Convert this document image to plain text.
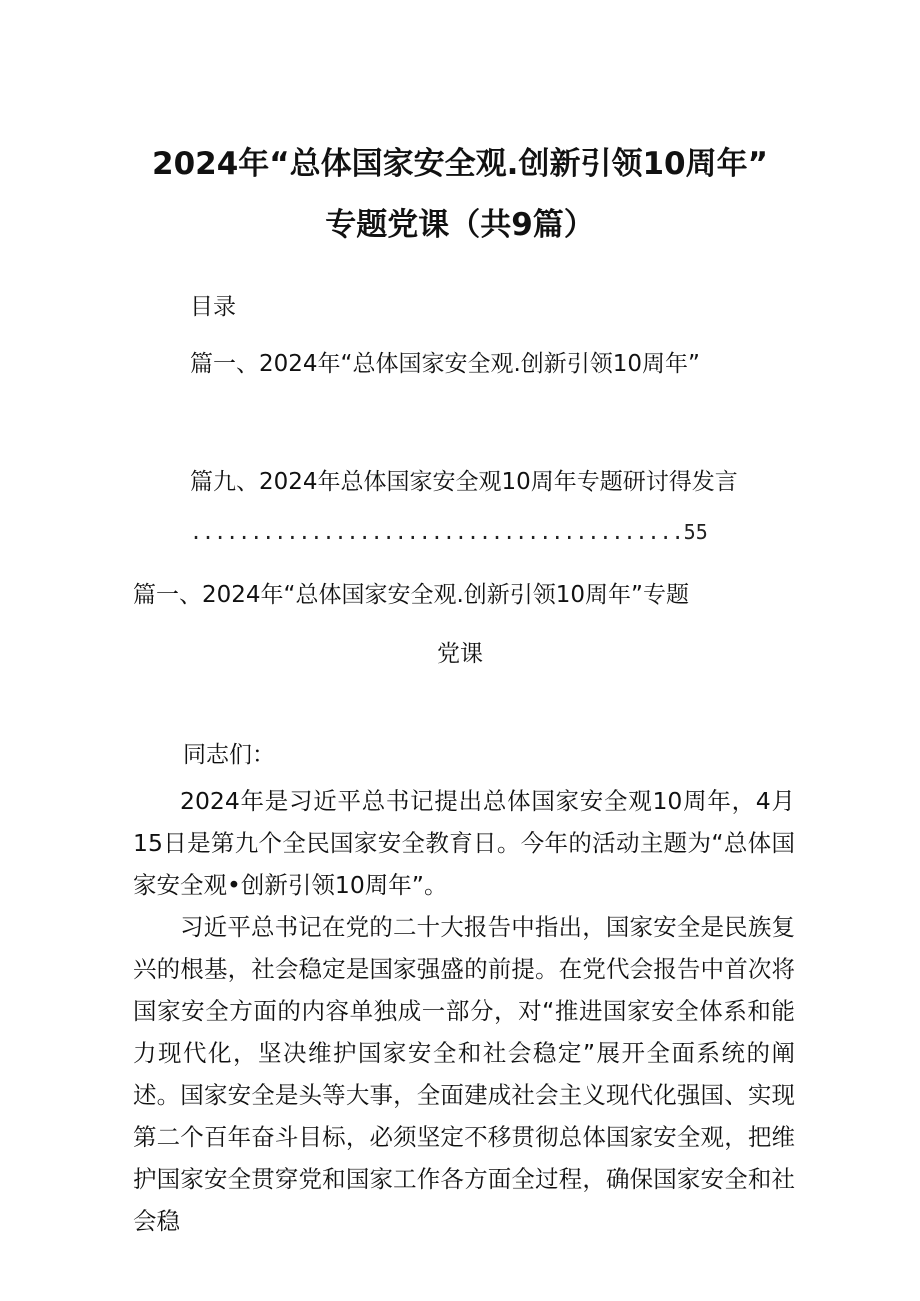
2024年“总体国家安全观.创新引领10周年”
专题党课（共9篇）
目录
篇一、2024年“总体国家安全观.创新引领10周年”
篇九、2024年总体国家安全观10周年专题研讨得发言
.........................................55
篇一、2024年“总体国家安全观.创新引领10周年”专题
党课
同志们：
2024年是习近平总书记提出总体国家安全观10周年，4月15日是第九个全民国家安全教育日。今年的活动主题为“总体国家安全观•创新引领10周年”。
习近平总书记在党的二十大报告中指出，国家安全是民族复兴的根基，社会稳定是国家强盛的前提。在党代会报告中首次将国家安全方面的内容单独成一部分，对“推进国家安全体系和能力现代化，坚决维护国家安全和社会稳定”展开全面系统的阐述。国家安全是头等大事，全面建成社会主义现代化强国、实现第二个百年奋斗目标，必须坚定不移贯彻总体国家安全观，把维护国家安全贯穿党和国家工作各方面全过程，确保国家安全和社会稳
